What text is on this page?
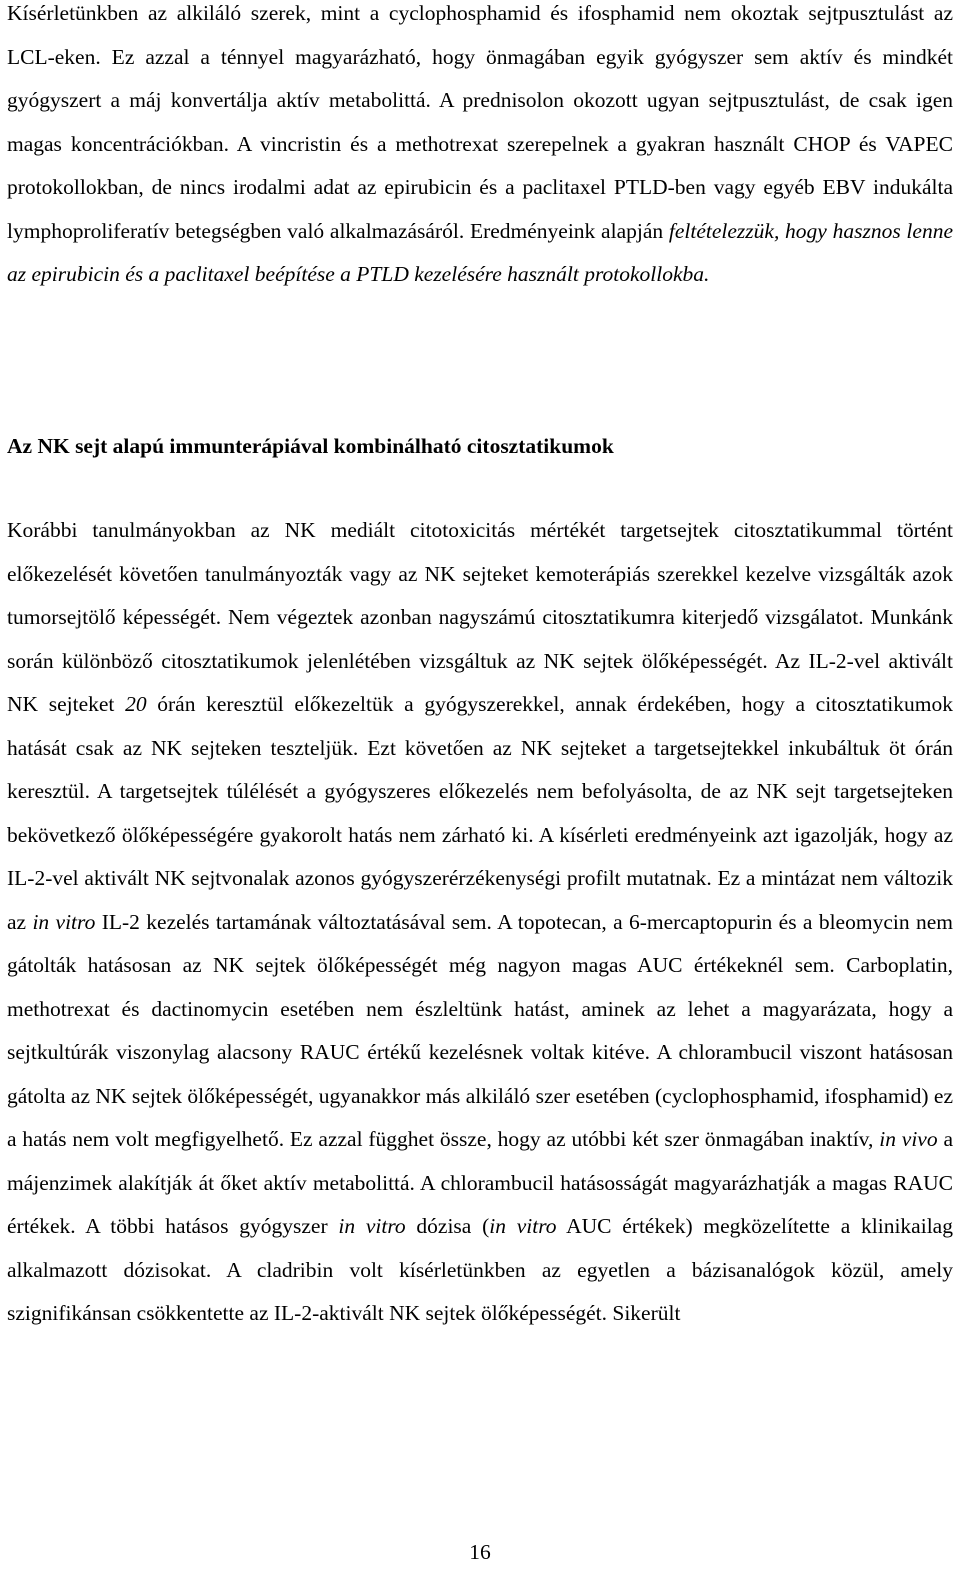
Kísérletünkben az alkiláló szerek, mint a cyclophosphamid és ifosphamid nem okoztak sejtpusztulást az LCL-eken. Ez azzal a ténnyel magyarázható, hogy önmagában egyik gyógyszer sem aktív és mindkét gyógyszert a máj konvertálja aktív metabolittá. A prednisolon okozott ugyan sejtpusztulást, de csak igen magas koncentrációkban. A vincristin és a methotrexat szerepelnek a gyakran használt CHOP és VAPEC protokollokban, de nincs irodalmi adat az epirubicin és a paclitaxel PTLD-ben vagy egyéb EBV indukálta lymphoproliferatív betegségben való alkalmazásáról. Eredményeink alapján feltételezzük, hogy hasznos lenne az epirubicin és a paclitaxel beépítése a PTLD kezelésére használt protokollokba.

Az NK sejt alapú immunterápiával kombinálható citosztatikumok

Korábbi tanulmányokban az NK mediált citotoxicitás mértékét targetsejtek citosztatikummal történt előkezelését követően tanulmányozták vagy az NK sejteket kemoterápiás szerekkel kezelve vizsgálták azok tumorsejtölő képességét. Nem végeztek azonban nagyszámú citosztatikumra kiterjedő vizsgálatot. Munkánk során különböző citosztatikumok jelenlétében vizsgáltuk az NK sejtek ölőképességét. Az IL-2-vel aktivált NK sejteket 20 órán keresztül előkezeltük a gyógyszerekkel, annak érdekében, hogy a citosztatikumok hatását csak az NK sejteken teszteljük. Ezt követően az NK sejteket a targetsejtekkel inkubáltuk öt órán keresztül. A targetsejtek túlélését a gyógyszeres előkezelés nem befolyásolta, de az NK sejt targetsejteken bekövetkező ölőképességére gyakorolt hatás nem zárható ki. A kísérleti eredményeink azt igazolják, hogy az IL-2-vel aktivált NK sejtvonalak azonos gyógyszerérzékenységi profilt mutatnak. Ez a mintázat nem változik az in vitro IL-2 kezelés tartamának változtatásával sem. A topotecan, a 6-mercaptopurin és a bleomycin nem gátolták hatásosan az NK sejtek ölőképességét még nagyon magas AUC értékeknél sem. Carboplatin, methotrexat és dactinomycin esetében nem észleltünk hatást, aminek az lehet a magyarázata, hogy a sejtkultúrák viszonylag alacsony RAUC értékű kezelésnek voltak kitéve. A chlorambucil viszont hatásosan gátolta az NK sejtek ölőképességét, ugyanakkor más alkiláló szer esetében (cyclophosphamid, ifosphamid) ez a hatás nem volt megfigyelhető. Ez azzal függhet össze, hogy az utóbbi két szer önmagában inaktív, in vivo a májenzimek alakítják át őket aktív metabolittá. A chlorambucil hatásosságát magyarázhatják a magas RAUC értékek. A többi hatásos gyógyszer in vitro dózisa (in vitro AUC értékek) megközelítette a klinikailag alkalmazott dózisokat. A cladribin volt kísérletünkben az egyetlen a bázisanalógok közül, amely szignifikánsan csökkentette az IL-2-aktivált NK sejtek ölőképességét. Sikerült

16
